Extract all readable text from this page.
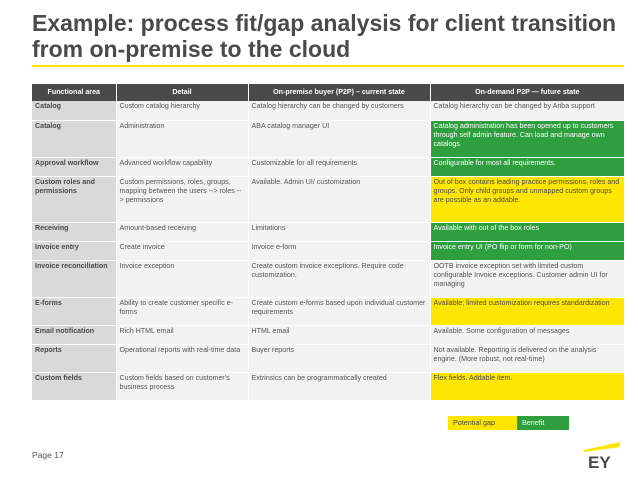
Example: process fit/gap analysis for client transition from on-premise to the cloud
Functional area	Detail	On-premise buyer (P2P) – current state	On-demand P2P — future state
Catalog	Custom catalog hierarchy	Catalog hierarchy can be changed by customers	Catalog hierarchy can be changed by Ariba support
Catalog	Administration	ABA catalog manager UI	Catalog administration has been opened up to customers through self admin feature. Can load and manage own catalogs
Approval workflow	Advanced workflow capability	Customizable for all requirements	Configurable for most all requirements.
Custom roles and permissions	Custom permissions, roles, groups, mapping between the users --> roles --> permissions	Available. Admin UI/ customization	Out of box contains leading practice permissions, roles and groups. Only child groups and unmapped custom groups are possible as an addable.
Receiving	Amount-based receiving	Limitations	Available with out of the box roles
Invoice entry	Create invoice	Invoice e-form	Invoice entry UI (PO flip or form for non-PO)
Invoice reconciliation	Invoice exception	Create custom invoice exceptions. Require code customization.	OOTB invoice exception set with limited custom configurable Invoice exceptions. Customer admin UI for managing
E-forms	Ability to create customer specific e-forms	Create custom e-forms based upon individual customer requirements	Available; limited customization requires standardization
Email notification	Rich HTML email	HTML email	Available. Some configuration of messages
Reports	Operational reports with real-time data	Buyer reports	Not available. Reporting is delivered on the analysis engine. (More robust, not real-time)
Custom fields	Custom fields based on customer's business process	Extrinsics can be programmatically created	Flex fields. Addable item.
Potential gap	Benefit
Page 17	EY
